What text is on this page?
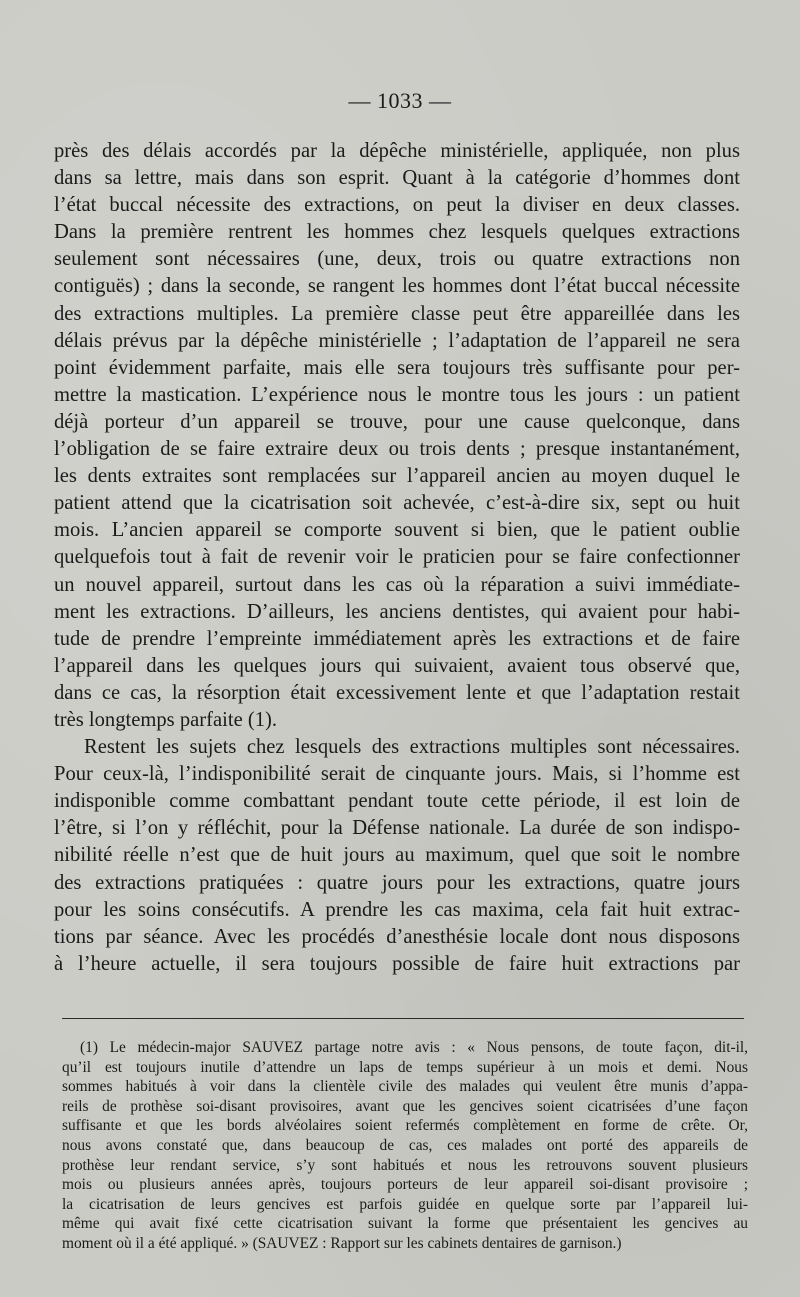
— 1033 —

près des délais accordés par la dépêche ministérielle, appliquée, non plus

dans sa lettre, mais dans son esprit. Quant à la catégorie d’hommes dont

l’état buccal nécessite des extractions, on peut la diviser en deux classes.

Dans la première rentrent les hommes chez lesquels quelques extractions

seulement sont nécessaires (une, deux, trois ou quatre extractions non

contiguës) ; dans la seconde, se rangent les hommes dont l’état buccal nécessite

des extractions multiples. La première classe peut être appareillée dans les

délais prévus par la dépêche ministérielle ; l’adaptation de l’appareil ne sera

point évidemment parfaite, mais elle sera toujours très suffisante pour per-

mettre la mastication. L’expérience nous le montre tous les jours : un patient

déjà porteur d’un appareil se trouve, pour une cause quelconque, dans

l’obligation de se faire extraire deux ou trois dents ; presque instantanément,

les dents extraites sont remplacées sur l’appareil ancien au moyen duquel le

patient attend que la cicatrisation soit achevée, c’est-à-dire six, sept ou huit

mois. L’ancien appareil se comporte souvent si bien, que le patient oublie

quelquefois tout à fait de revenir voir le praticien pour se faire confectionner

un nouvel appareil, surtout dans les cas où la réparation a suivi immédiate-

ment les extractions. D’ailleurs, les anciens dentistes, qui avaient pour habi-

tude de prendre l’empreinte immédiatement après les extractions et de faire

l’appareil dans les quelques jours qui suivaient, avaient tous observé que,

dans ce cas, la résorption était excessivement lente et que l’adaptation restait

très longtemps parfaite (1).

Restent les sujets chez lesquels des extractions multiples sont nécessaires.

Pour ceux-là, l’indisponibilité serait de cinquante jours. Mais, si l’homme est

indisponible comme combattant pendant toute cette période, il est loin de

l’être, si l’on y réfléchit, pour la Défense nationale. La durée de son indispo-

nibilité réelle n’est que de huit jours au maximum, quel que soit le nombre

des extractions pratiquées : quatre jours pour les extractions, quatre jours

pour les soins consécutifs. A prendre les cas maxima, cela fait huit extrac-

tions par séance. Avec les procédés d’anesthésie locale dont nous disposons

à l’heure actuelle, il sera toujours possible de faire huit extractions par

(1) Le médecin-major SAUVEZ partage notre avis : « Nous pensons, de toute façon, dit-il,

qu’il est toujours inutile d’attendre un laps de temps supérieur à un mois et demi. Nous

sommes habitués à voir dans la clientèle civile des malades qui veulent être munis d’appa-

reils de prothèse soi-disant provisoires, avant que les gencives soient cicatrisées d’une façon

suffisante et que les bords alvéolaires soient refermés complètement en forme de crête. Or,

nous avons constaté que, dans beaucoup de cas, ces malades ont porté des appareils de

prothèse leur rendant service, s’y sont habitués et nous les retrouvons souvent plusieurs

mois ou plusieurs années après, toujours porteurs de leur appareil soi-disant provisoire ;

la cicatrisation de leurs gencives est parfois guidée en quelque sorte par l’appareil lui-

même qui avait fixé cette cicatrisation suivant la forme que présentaient les gencives au

moment où il a été appliqué. » (SAUVEZ : Rapport sur les cabinets dentaires de garnison.)
